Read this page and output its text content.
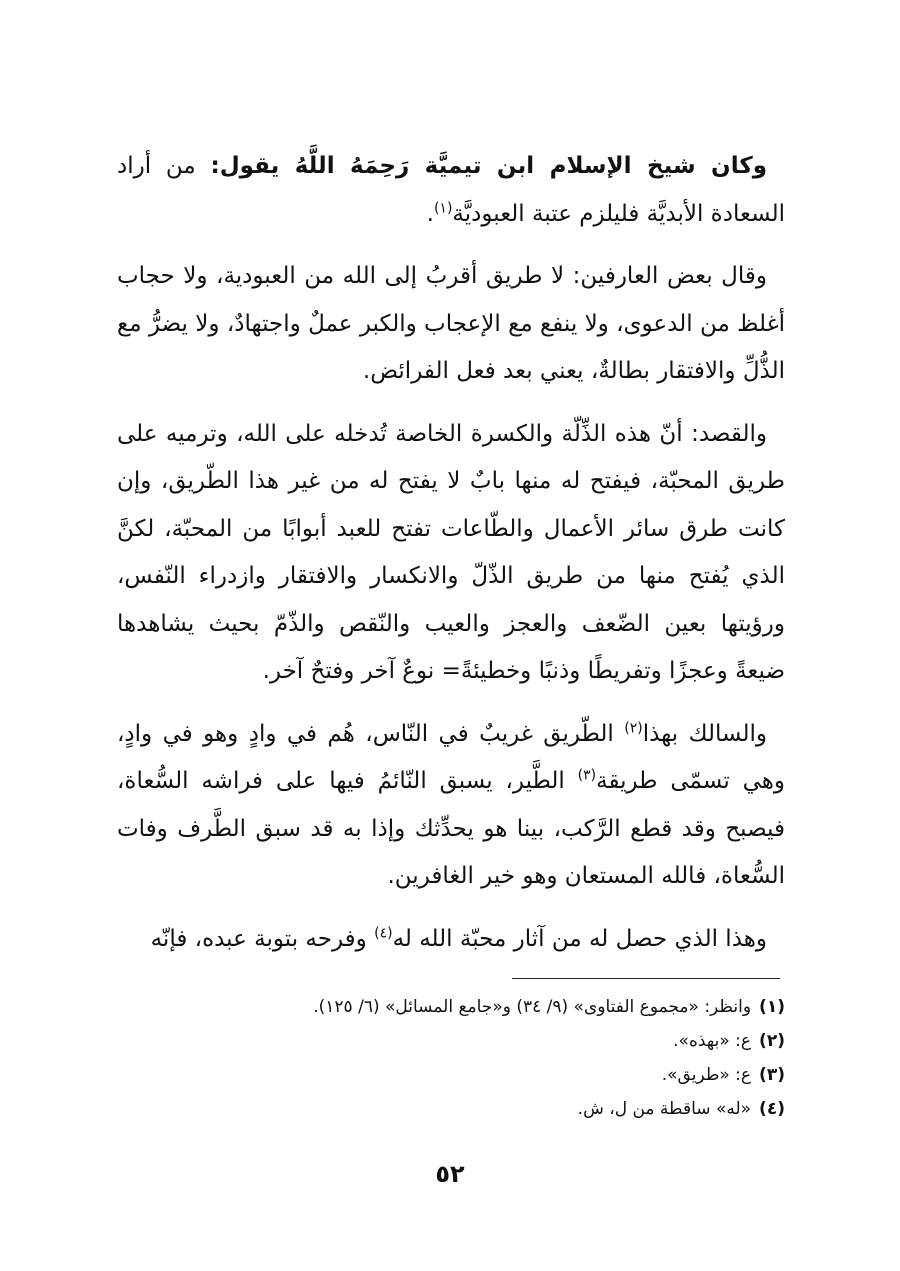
وكان شيخ الإسلام ابن تيميَّة رَحِمَهُ اللَّهُ يقول: من أراد السعادة الأبديَّة فليلزم عتبة العبوديَّة$^{(١)}$.

وقال بعض العارفين: لا طريق أقربُ إلى الله من العبودية، ولا حجاب أغلظ من الدعوى، ولا ينفع مع الإعجاب والكبر عملٌ واجتهادٌ، ولا يضرُّ مع الذُّلِّ والافتقار بطالةٌ، يعني بعد فعل الفرائض.

والقصد: أنّ هذه الذِّلّة والكسرة الخاصة تُدخله على الله، وترميه على طريق المحبّة، فيفتح له منها بابٌ لا يفتح له من غير هذا الطّريق، وإن كانت طرق سائر الأعمال والطّاعات تفتح للعبد أبوابًا من المحبّة، لكنَّ الذي يُفتح منها من طريق الذّلّ والانكسار والافتقار وازدراء النّفس، ورؤيتها بعين الضّعف والعجز والعيب والنّقص والذّمّ بحيث يشاهدها ضيعةً وعجزًا وتفريطًا وذنبًا وخطيئةً= نوعٌ آخر وفتحٌ آخر.

والسالك بهذا$^{(٢)}$ الطّريق غريبٌ في النّاس، هُم في وادٍ وهو في وادٍ، وهي تسمّى طريقة$^{(٣)}$ الطَّير، يسبق النّائمُ فيها على فراشه السُّعاة، فيصبح وقد قطع الرَّكب، بينا هو يحدِّثك وإذا به قد سبق الطَّرف وفات السُّعاة، فالله المستعان وهو خير الغافرين.

وهذا الذي حصل له من آثار محبّة الله له$^{(٤)}$ وفرحه بتوبة عبده، فإنّه

(١)وانظر: «مجموع الفتاوى» (٩/ ٣٤) و«جامع المسائل» (٦/ ١٢٥).

(٢)ع: «بهذه».

(٣)ع: «طريق».

(٤)«له» ساقطة من ل، ش.

٥٢
